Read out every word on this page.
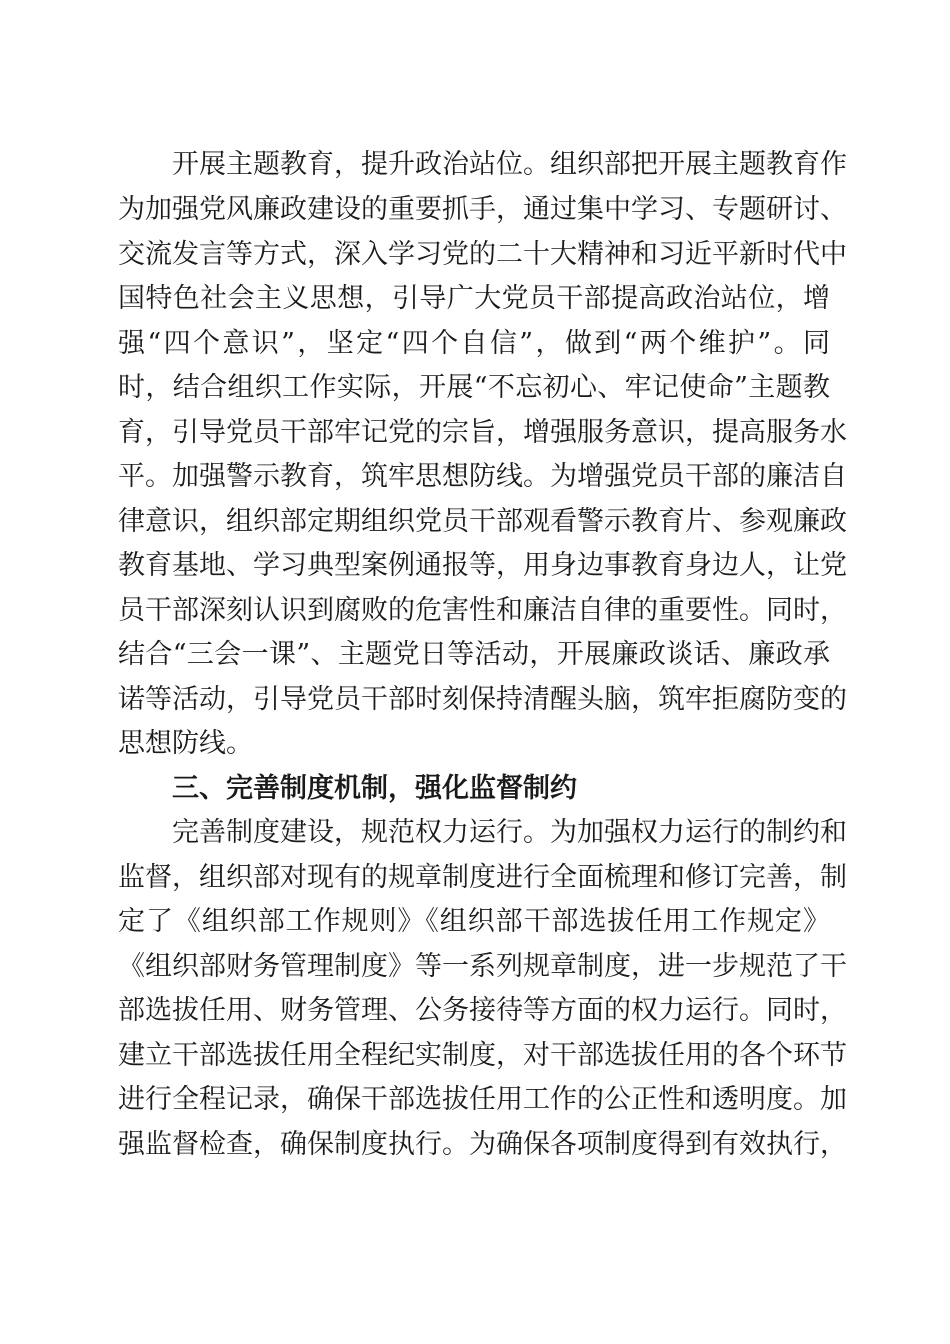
开展主题教育，提升政治站位。组织部把开展主题教育作
为加强党风廉政建设的重要抓手，通过集中学习、专题研讨、
交流发言等方式，深入学习党的二十大精神和习近平新时代中
国特色社会主义思想，引导广大党员干部提高政治站位，增
强“四个意识”，坚定“四个自信”，做到“两个维护”。同
时，结合组织工作实际，开展“不忘初心、牢记使命”主题教
育，引导党员干部牢记党的宗旨，增强服务意识，提高服务水
平。加强警示教育，筑牢思想防线。为增强党员干部的廉洁自
律意识，组织部定期组织党员干部观看警示教育片、参观廉政
教育基地、学习典型案例通报等，用身边事教育身边人，让党
员干部深刻认识到腐败的危害性和廉洁自律的重要性。同时，
结合“三会一课”、主题党日等活动，开展廉政谈话、廉政承
诺等活动，引导党员干部时刻保持清醒头脑，筑牢拒腐防变的
思想防线。
三、完善制度机制，强化监督制约
完善制度建设，规范权力运行。为加强权力运行的制约和
监督，组织部对现有的规章制度进行全面梳理和修订完善，制
定了《组织部工作规则》《组织部干部选拔任用工作规定》
《组织部财务管理制度》等一系列规章制度，进一步规范了干
部选拔任用、财务管理、公务接待等方面的权力运行。同时，
建立干部选拔任用全程纪实制度，对干部选拔任用的各个环节
进行全程记录，确保干部选拔任用工作的公正性和透明度。加
强监督检查，确保制度执行。为确保各项制度得到有效执行，
